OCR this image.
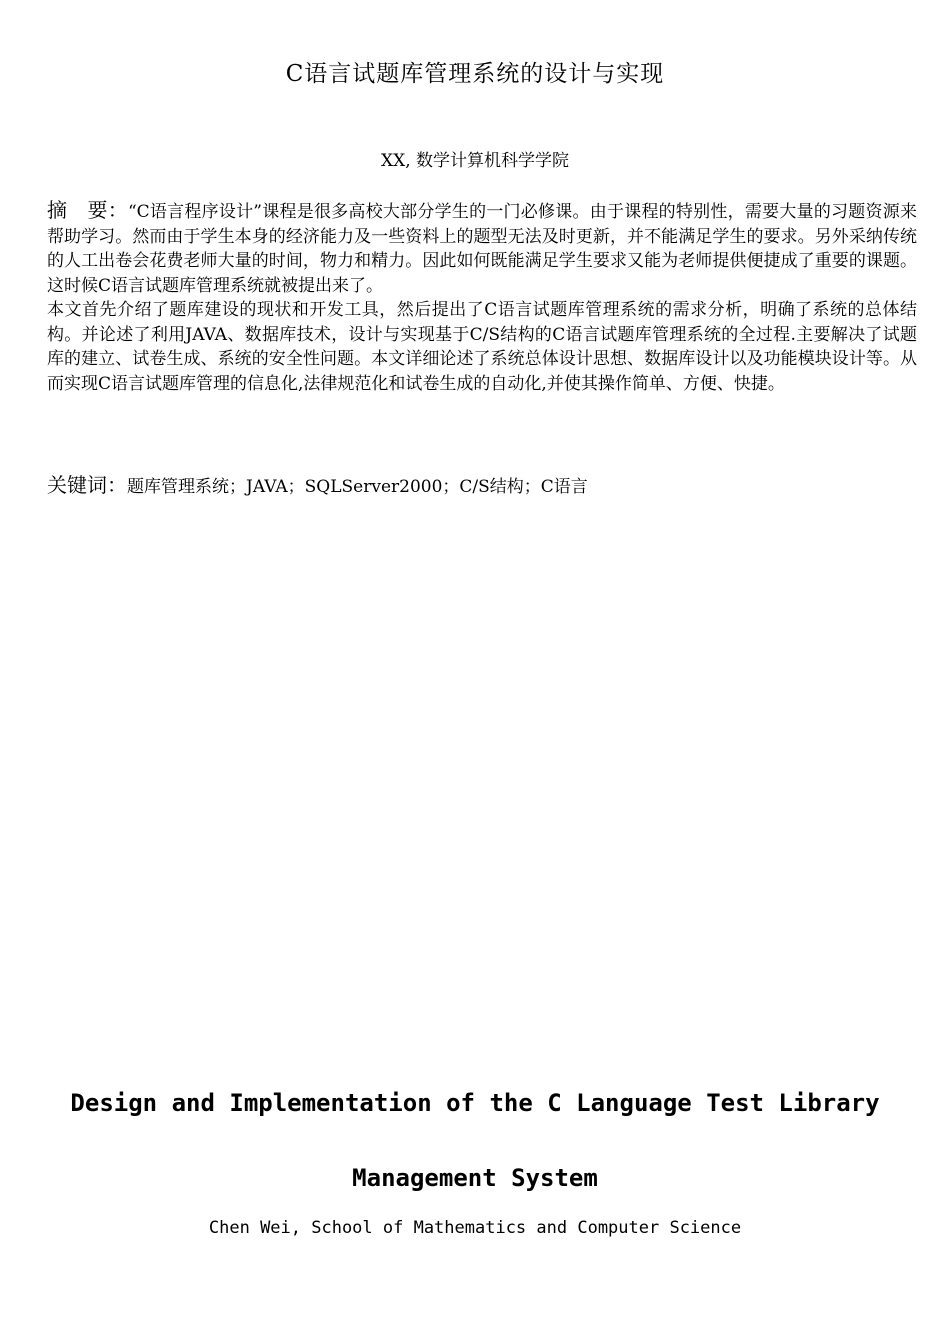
C语言试题库管理系统的设计与实现
XX, 数学计算机科学学院

摘　要：“C语言程序设计”课程是很多高校大部分学生的一门必修课。由于课程的特别性，需要大量的习题资源来帮助学习。然而由于学生本身的经济能力及一些资料上的题型无法及时更新，并不能满足学生的要求。另外采纳传统的人工出卷会花费老师大量的时间，物力和精力。因此如何既能满足学生要求又能为老师提供便捷成了重要的课题。这时候C语言试题库管理系统就被提出来了。

本文首先介绍了题库建设的现状和开发工具，然后提出了C语言试题库管理系统的需求分析，明确了系统的总体结构。并论述了利用JAVA、数据库技术，设计与实现基于C/S结构的C语言试题库管理系统的全过程.主要解决了试题库的建立、试卷生成、系统的安全性问题。本文详细论述了系统总体设计思想、数据库设计以及功能模块设计等。从而实现C语言试题库管理的信息化,法律规范化和试卷生成的自动化,并使其操作简单、方便、快捷。

关键词：题库管理系统；JAVA；SQLServer2000；C/S结构；C语言
Design and Implementation of the C Language Test Library
Management System
Chen Wei, School of Mathematics and Computer Science
